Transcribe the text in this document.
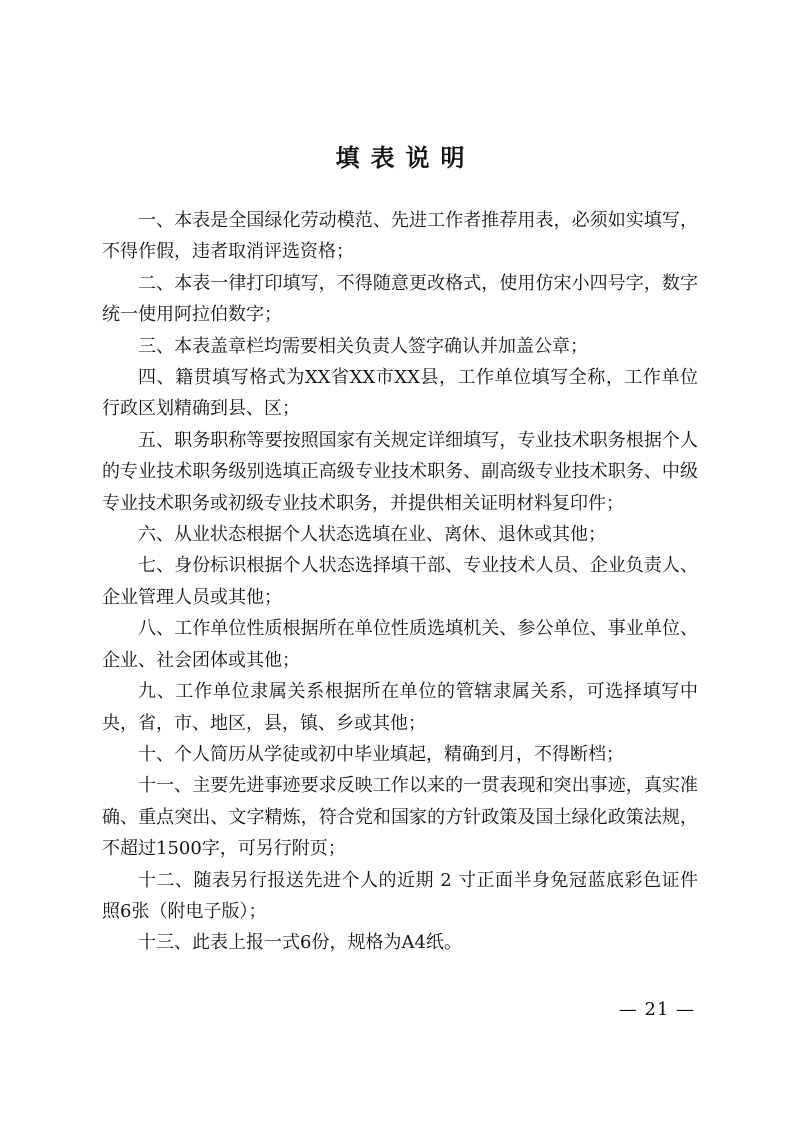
填表说明

一、本表是全国绿化劳动模范、先进工作者推荐用表，必须如实填写，不得作假，违者取消评选资格；

二、本表一律打印填写，不得随意更改格式，使用仿宋小四号字，数字统一使用阿拉伯数字；

三、本表盖章栏均需要相关负责人签字确认并加盖公章；

四、籍贯填写格式为XX省XX市XX县，工作单位填写全称，工作单位行政区划精确到县、区；

五、职务职称等要按照国家有关规定详细填写，专业技术职务根据个人的专业技术职务级别选填正高级专业技术职务、副高级专业技术职务、中级专业技术职务或初级专业技术职务，并提供相关证明材料复印件；

六、从业状态根据个人状态选填在业、离休、退休或其他；

七、身份标识根据个人状态选择填干部、专业技术人员、企业负责人、企业管理人员或其他；

八、工作单位性质根据所在单位性质选填机关、参公单位、事业单位、企业、社会团体或其他；

九、工作单位隶属关系根据所在单位的管辖隶属关系，可选择填写中央，省，市、地区，县，镇、乡或其他；

十、个人简历从学徒或初中毕业填起，精确到月，不得断档；

十一、主要先进事迹要求反映工作以来的一贯表现和突出事迹，真实准确、重点突出、文字精炼，符合党和国家的方针政策及国土绿化政策法规，不超过1500字，可另行附页；

十二、随表另行报送先进个人的近期 2 寸正面半身免冠蓝底彩色证件照6张（附电子版）；

十三、此表上报一式6份，规格为A4纸。

— 21 —
